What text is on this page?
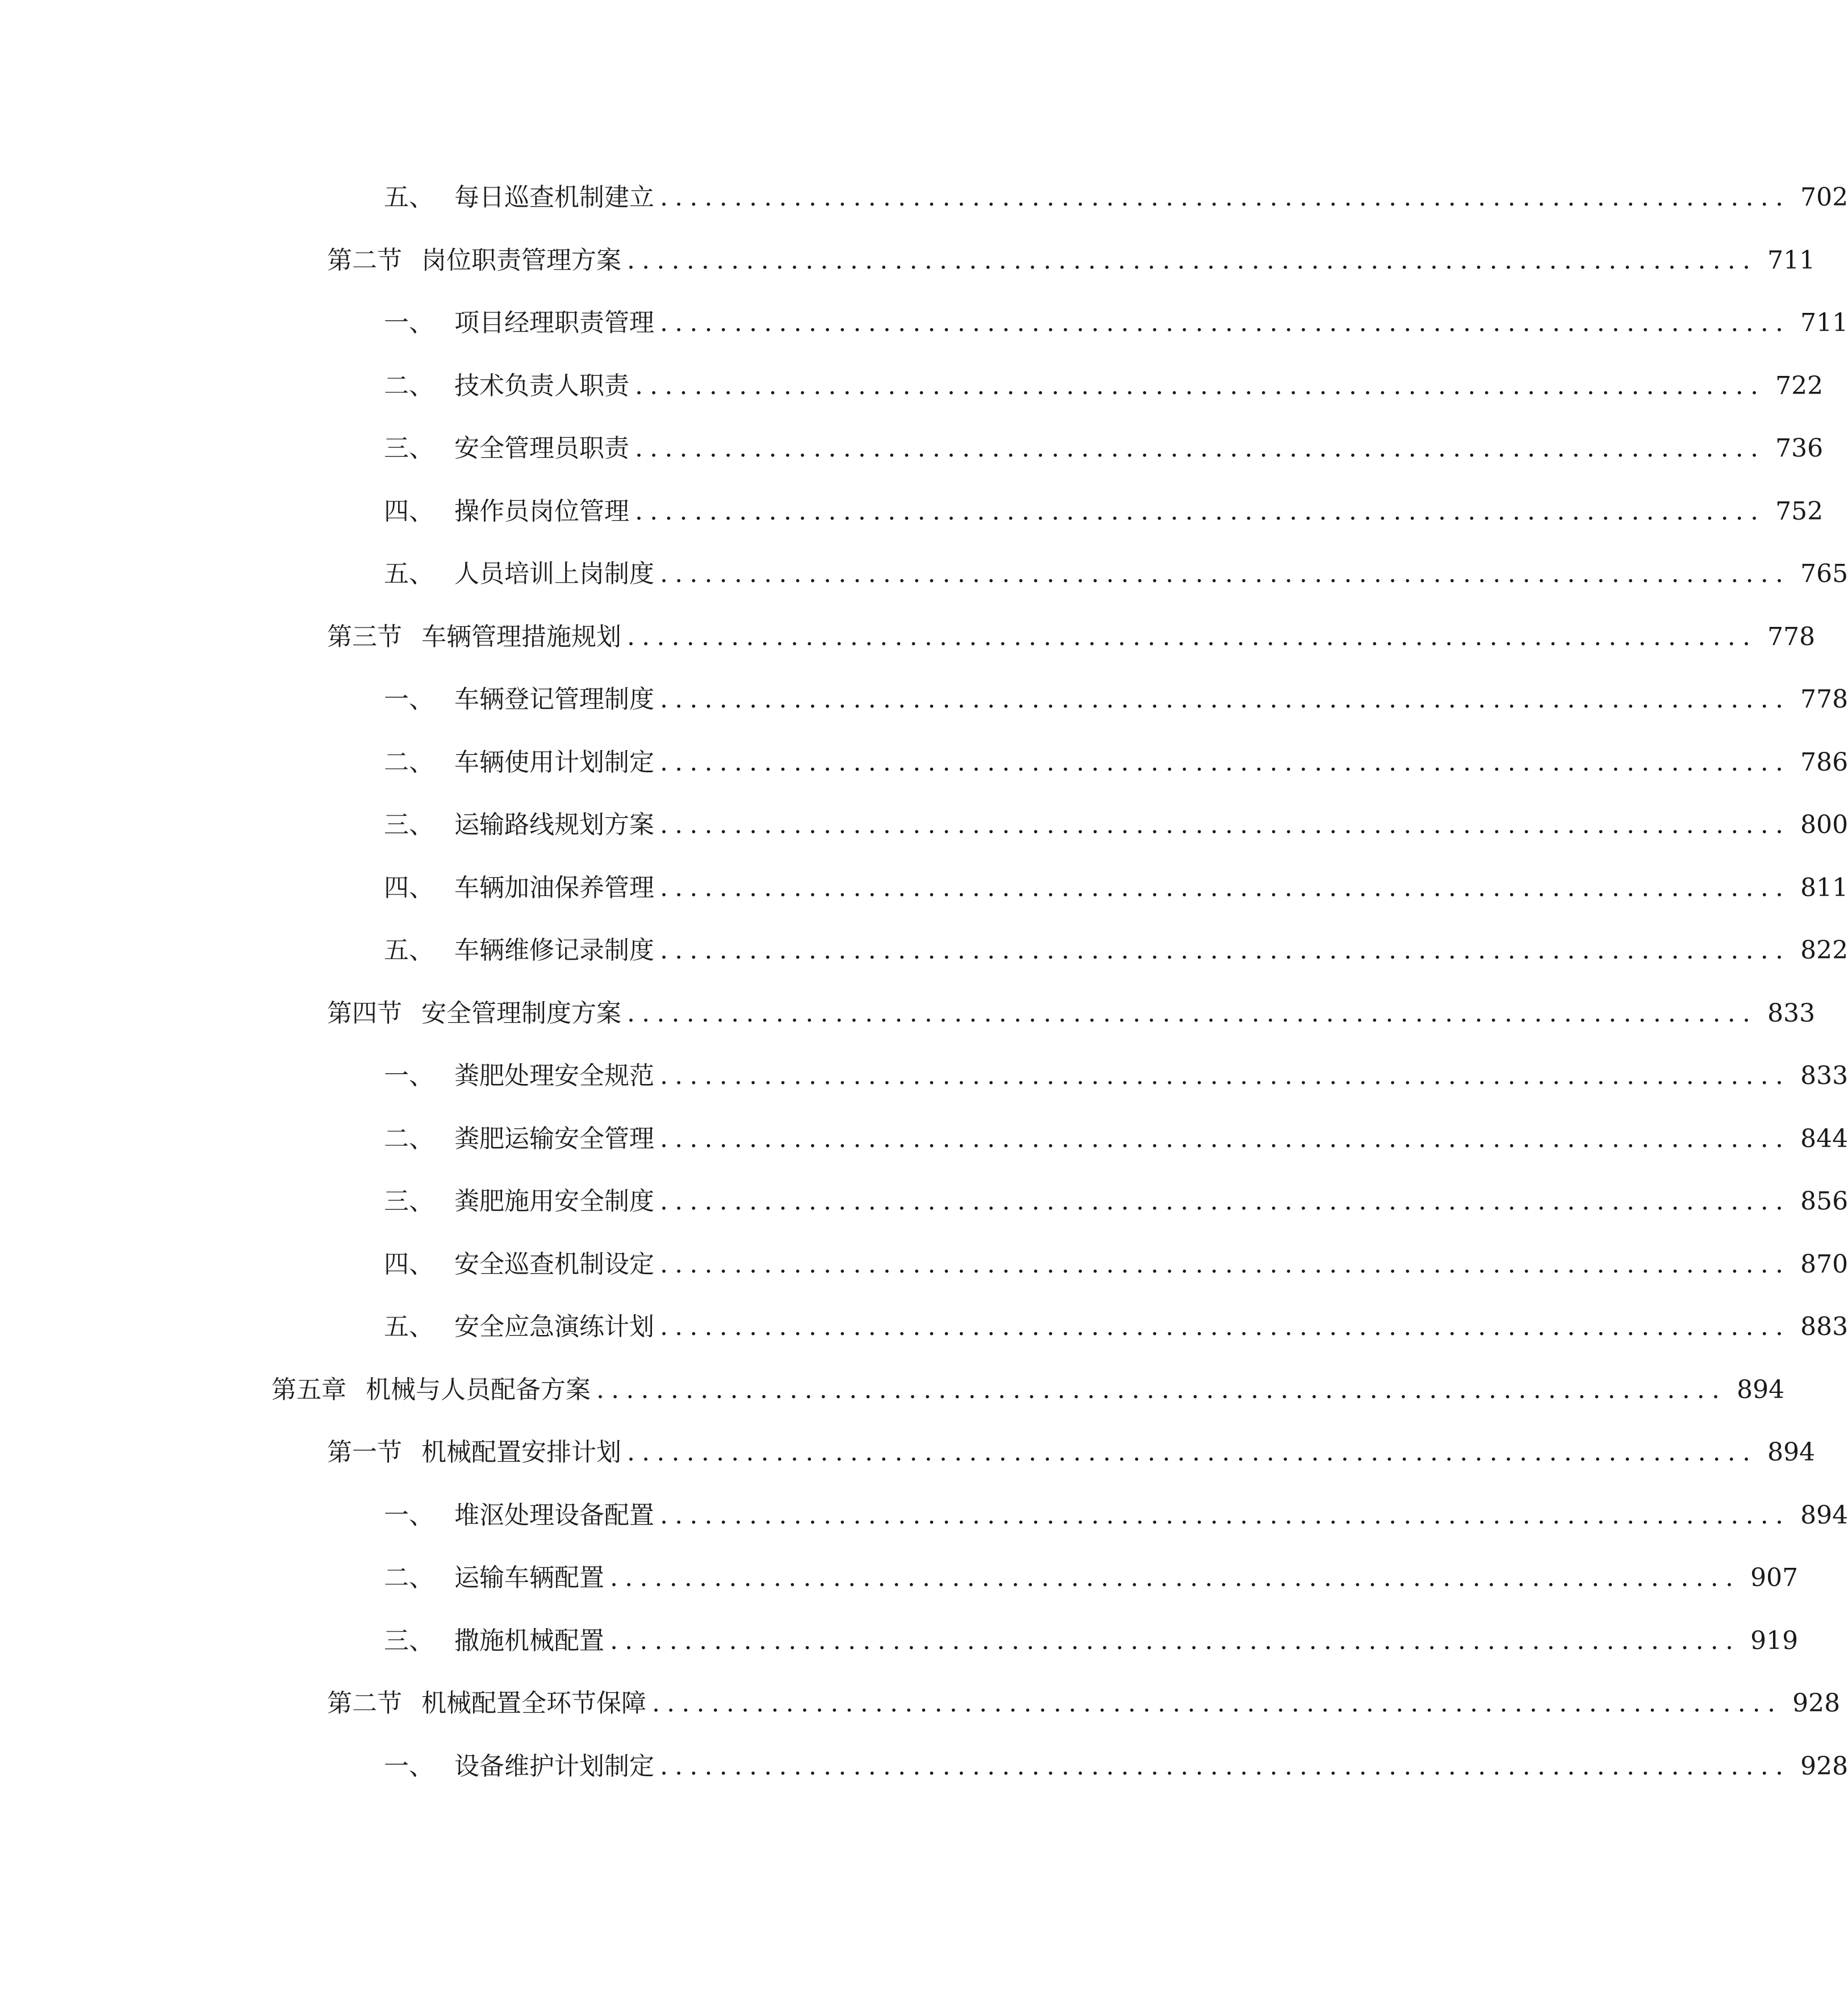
五、 每日巡查机制建立 ............................................................................ 702
第二节 岗位职责管理方案 ............................................................................ 711
一、 项目经理职责管理 ............................................................................ 711
二、 技术负责人职责 ............................................................................ 722
三、 安全管理员职责 ............................................................................ 736
四、 操作员岗位管理 ............................................................................ 752
五、 人员培训上岗制度 ............................................................................ 765
第三节 车辆管理措施规划 ............................................................................ 778
一、 车辆登记管理制度 ............................................................................ 778
二、 车辆使用计划制定 ............................................................................ 786
三、 运输路线规划方案 ............................................................................ 800
四、 车辆加油保养管理 ............................................................................ 811
五、 车辆维修记录制度 ............................................................................ 822
第四节 安全管理制度方案 ............................................................................ 833
一、 粪肥处理安全规范 ............................................................................ 833
二、 粪肥运输安全管理 ............................................................................ 844
三、 粪肥施用安全制度 ............................................................................ 856
四、 安全巡查机制设定 ............................................................................ 870
五、 安全应急演练计划 ............................................................................ 883
第五章 机械与人员配备方案 ............................................................................ 894
第一节 机械配置安排计划 ............................................................................ 894
一、 堆沤处理设备配置 ............................................................................ 894
二、 运输车辆配置 ............................................................................ 907
三、 撒施机械配置 ............................................................................ 919
第二节 机械配置全环节保障 ............................................................................ 928
一、 设备维护计划制定 ............................................................................ 928
